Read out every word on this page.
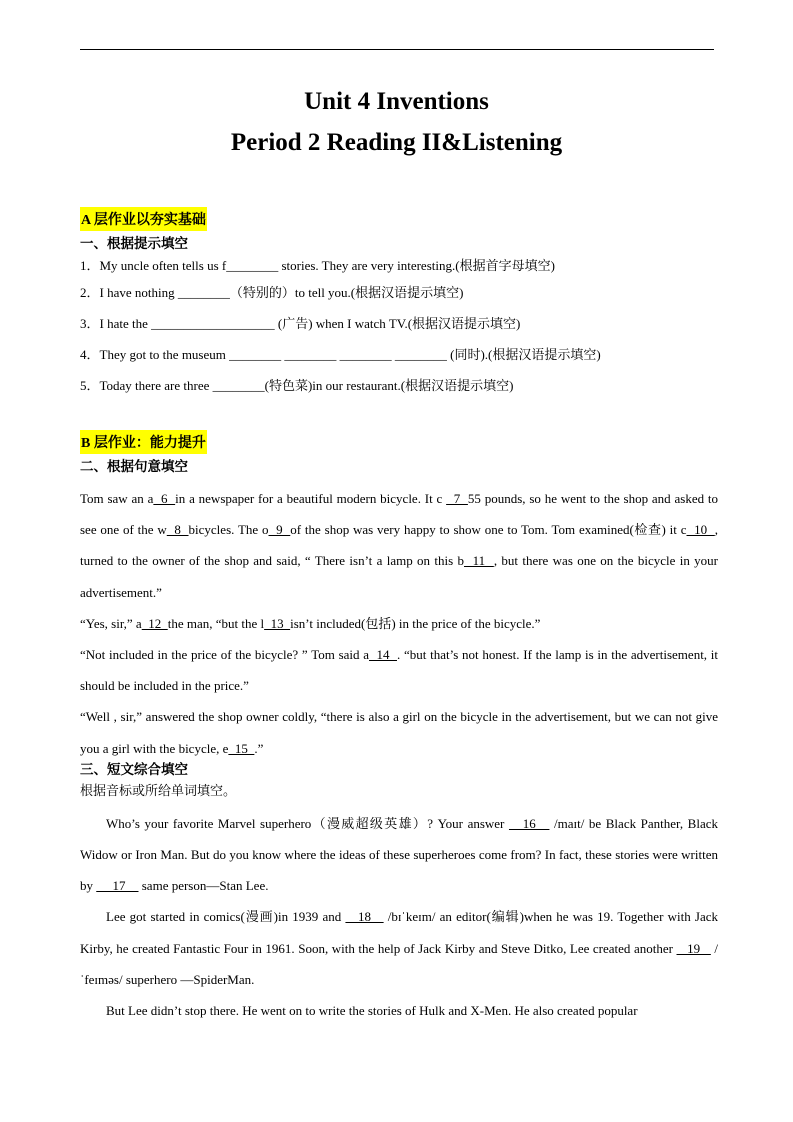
Unit 4 Inventions
Period 2 Reading II&Listening
A 层作业以夯实基础
一、根据提示填空
1．My uncle often tells us f________ stories. They are very interesting.(根据首字母填空)
2．I have nothing ________（特别的）to tell you.(根据汉语提示填空)
3．I hate the ___________________ (广告) when I watch TV.(根据汉语提示填空)
4．They got to the museum ________ ________ ________ ________ (同时).(根据汉语提示填空)
5．Today there are three ________(特色菜)in our restaurant.(根据汉语提示填空)
B 层作业：能力提升
二、根据句意填空
Tom saw an a  6  in a newspaper for a beautiful modern bicycle. It c   7  55 pounds, so he went to the shop and asked to see one of the w  8  bicycles. The o  9  of the shop was very happy to show one to Tom. Tom examined(检查) it c  10  , turned to the owner of the shop and said, “ There isn’t a lamp on this b  11  , but there was one on the bicycle in your advertisement.”
“Yes, sir,” a  12  the man, “but the l  13  isn’t included(包括) in the price of the bicycle.”
“Not included in the price of the bicycle? ” Tom said a  14  . “but that’s not honest. If the lamp is in the advertisement, it should be included in the price.”
“Well , sir,” answered the shop owner coldly, “there is also a girl on the bicycle in the advertisement, but we can not give you a girl with the bicycle, e  15  .”
三、短文综合填空
根据音标或所给单词填空。
Who’s your favorite Marvel superhero（漫威超级英雄）? Your answer    16    /maɪt/ be Black Panther, Black Widow or Iron Man. But do you know where the ideas of these superheroes come from? In fact, these stories were written by      17     same person—Stan Lee.
Lee got started in comics(漫画)in 1939 and    18    /bɪˈkeɪm/ an editor(编辑)when he was 19. Together with Jack Kirby, he created Fantastic Four in 1961. Soon, with the help of Jack Kirby and Steve Ditko, Lee created another    19    /ˈfeɪməs/ superhero —SpiderMan.
But Lee didn’t stop there. He went on to write the stories of Hulk and X-Men. He also created popular
